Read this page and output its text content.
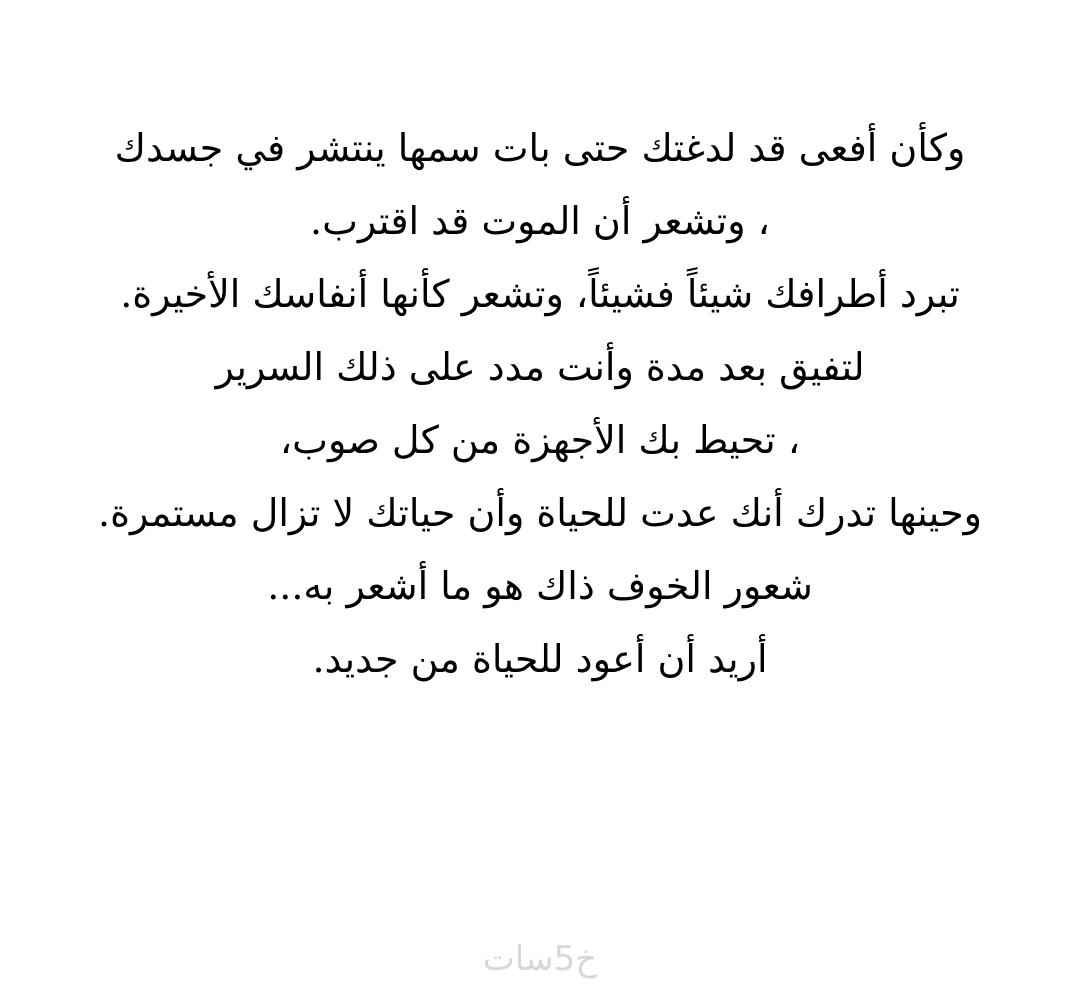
وكأن أفعى قد لدغتك حتى بات سمها ينتشر في جسدك
، وتشعر أن الموت قد اقترب.
تبرد أطرافك شيئاً فشيئاً، وتشعر كأنها أنفاسك الأخيرة.
لتفيق بعد مدة وأنت مدد على ذلك السرير
، تحيط بك الأجهزة من كل صوب،
وحينها تدرك أنك عدت للحياة وأن حياتك لا تزال مستمرة.
شعور الخوف ذاك هو ما أشعر به...
أريد أن أعود للحياة من جديد.
خ5سات
